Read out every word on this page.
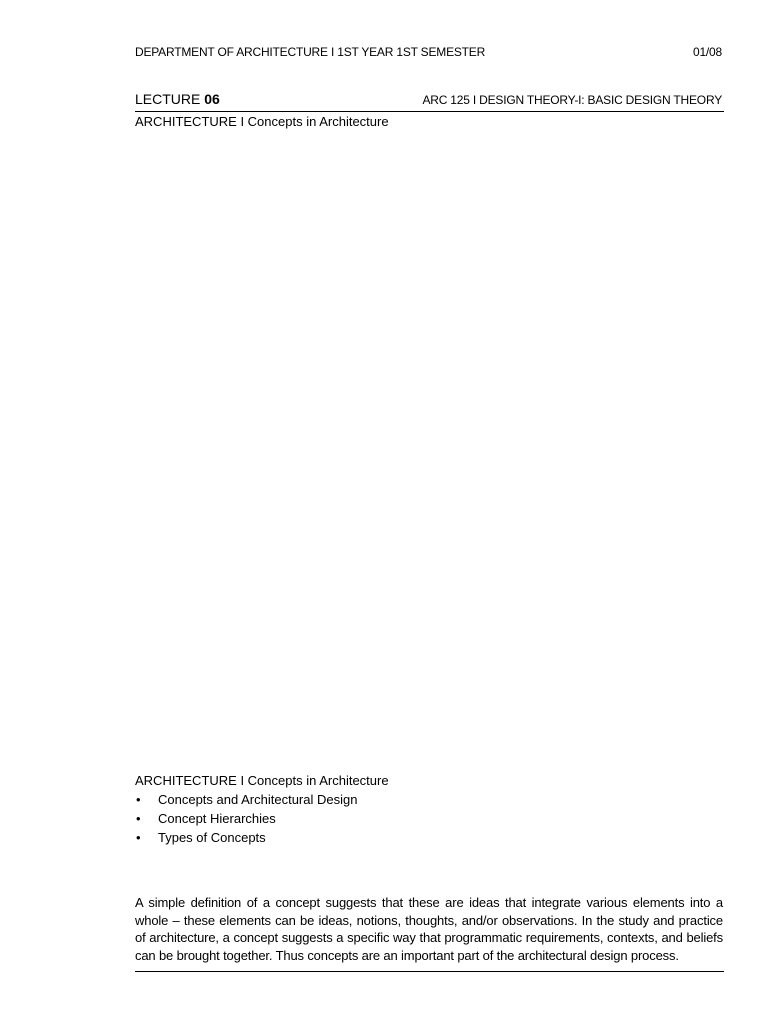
DEPARTMENT OF ARCHITECTURE I 1ST YEAR 1ST SEMESTER	01/08
LECTURE 06	ARC 125 I DESIGN THEORY-I: BASIC DESIGN THEORY
ARCHITECTURE I Concepts in Architecture
ARCHITECTURE I Concepts in Architecture
• Concepts and Architectural Design
• Concept Hierarchies
• Types of Concepts

A simple definition of a concept suggests that these are ideas that integrate various elements into a whole – these elements can be ideas, notions, thoughts, and/or observations. In the study and practice of architecture, a concept suggests a specific way that programmatic requirements, contexts, and beliefs can be brought together. Thus concepts are an important part of the architectural design process.
